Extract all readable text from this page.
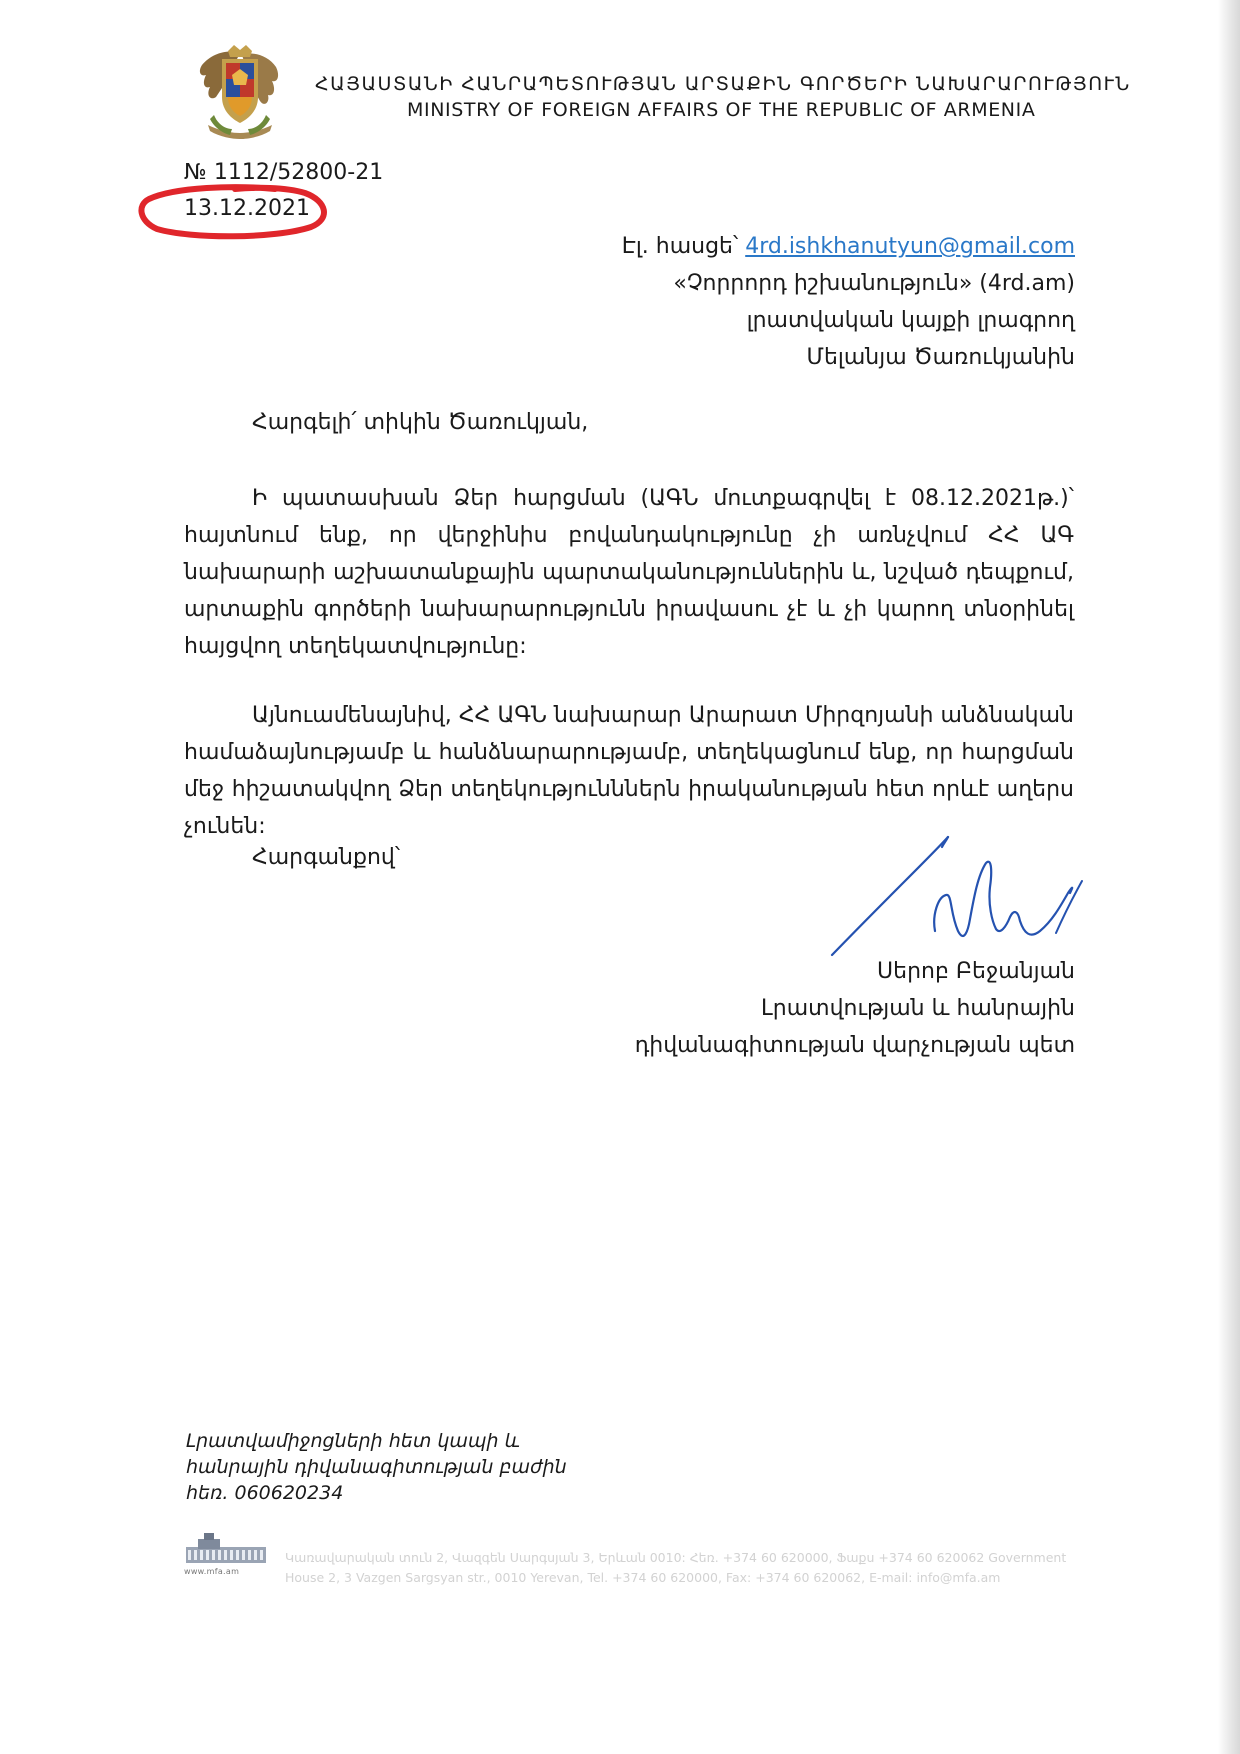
ՀԱՅԱՍՏԱՆԻ ՀԱՆՐԱՊԵՏՈՒԹՅԱՆ ԱՐՏԱՔԻՆ ԳՈՐԾԵՐԻ ՆԱԽԱՐԱՐՈՒԹՅՈՒՆ
MINISTRY OF FOREIGN AFFAIRS OF THE REPUBLIC OF ARMENIA
№ 1112/52800-21
13.12.2021
Էլ. հասցե՝ 4rd.ishkhanutyun@gmail.com
«Չորրորդ իշխանություն» (4rd.am)
լրատվական կայքի լրագրող
Մելանյա Ծառուկյանին
Հարգելի՛ տիկին Ծառուկյան,
Ի պատասխան Ձեր հարցման (ԱԳՆ մուտքագրվել է 08.12.2021թ.)՝ հայտնում ենք, որ վերջինիս բովանդակությունը չի առնչվում ՀՀ ԱԳ նախարարի աշխատանքային պարտականություններին և, նշված դեպքում, արտաքին գործերի նախարարությունն իրավասու չէ և չի կարող տնօրինել հայցվող տեղեկատվությունը:
Այնուամենայնիվ, ՀՀ ԱԳՆ նախարար Արարատ Միրզոյանի անձնական համաձայնությամբ և հանձնարարությամբ, տեղեկացնում ենք, որ հարցման մեջ հիշատակվող Ձեր տեղեկությունններն իրականության հետ որևէ աղերս չունեն:
Հարգանքով՝
Սերոբ Բեջանյան
Լրատվության և հանրային
դիվանագիտության վարչության պետ
Լրատվամիջոցների հետ կապի և
հանրային դիվանագիտության բաժին
հեռ. 060620234
www.mfa.am
Կառավարական տուն 2, Վազգեն Սարգսյան 3, Երևան 0010: Հեռ. +374 60 620000, Ֆաքս +374 60 620062 Government House 2, 3 Vazgen Sargsyan str., 0010 Yerevan, Tel. +374 60 620000, Fax: +374 60 620062, E-mail: info@mfa.am
